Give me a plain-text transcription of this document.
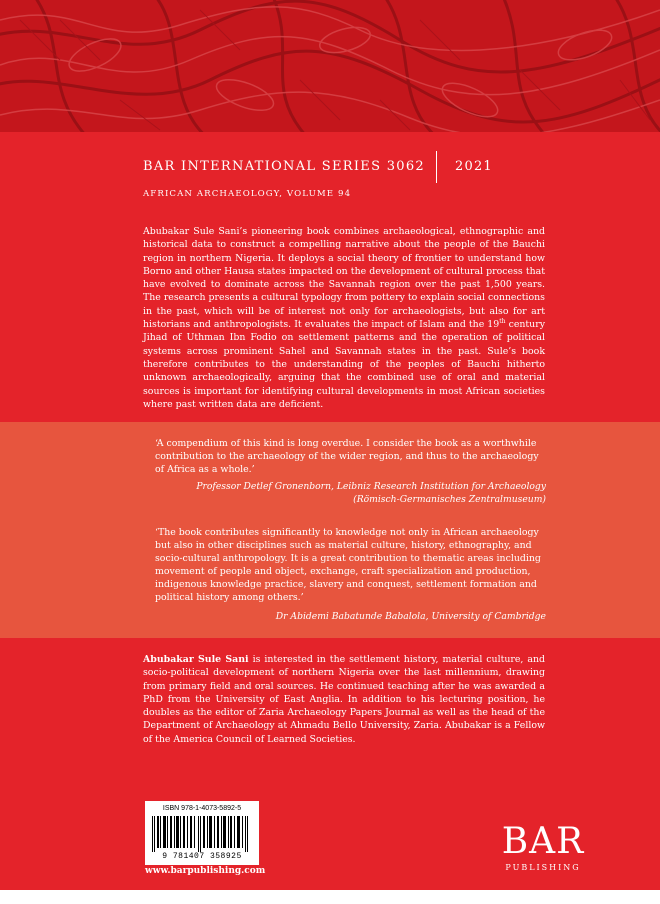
BAR INTERNATIONAL SERIES 3062 2021
AFRICAN ARCHAEOLOGY, VOLUME 94

Abubakar Sule Sani’s pioneering book combines archaeological, ethnographic and historical data to construct a compelling narrative about the people of the Bauchi region in northern Nigeria. It deploys a social theory of frontier to understand how Borno and other Hausa states impacted on the development of cultural process that have evolved to dominate across the Savannah region over the past 1,500 years. The research presents a cultural typology from pottery to explain social connections in the past, which will be of interest not only for archaeologists, but also for art historians and anthropologists. It evaluates the impact of Islam and the 19th century Jihad of Uthman Ibn Fodio on settlement patterns and the operation of political systems across prominent Sahel and Savannah states in the past. Sule’s book therefore contributes to the understanding of the peoples of Bauchi hitherto unknown archaeologically, arguing that the combined use of oral and material sources is important for identifying cultural developments in most African societies where past written data are deficient.

‘A compendium of this kind is long overdue. I consider the book as a worthwhile contribution to the archaeology of the wider region, and thus to the archaeology of Africa as a whole.’

Professor Detlef Gronenborn, Leibniz Research Institution for Archaeology
(Römisch-Germanisches Zentralmuseum)

‘The book contributes significantly to knowledge not only in African archaeology but also in other disciplines such as material culture, history, ethnography, and socio-cultural anthropology. It is a great contribution to thematic areas including movement of people and object, exchange, craft specialization and production, indigenous knowledge practice, slavery and conquest, settlement formation and political history among others.’

Dr Abidemi Babatunde Babalola, University of Cambridge

Abubakar Sule Sani is interested in the settlement history, material culture, and socio-political development of northern Nigeria over the last millennium, drawing from primary field and oral sources. He continued teaching after he was awarded a PhD from the University of East Anglia. In addition to his lecturing position, he doubles as the editor of Zaria Archaeology Papers Journal as well as the head of the Department of Archaeology at Ahmadu Bello University, Zaria. Abubakar is a Fellow of the America Council of Learned Societies.

ISBN 978-1-4073-5892-5
9 781407 358925
www.barpublishing.com
BAR
PUBLISHING
